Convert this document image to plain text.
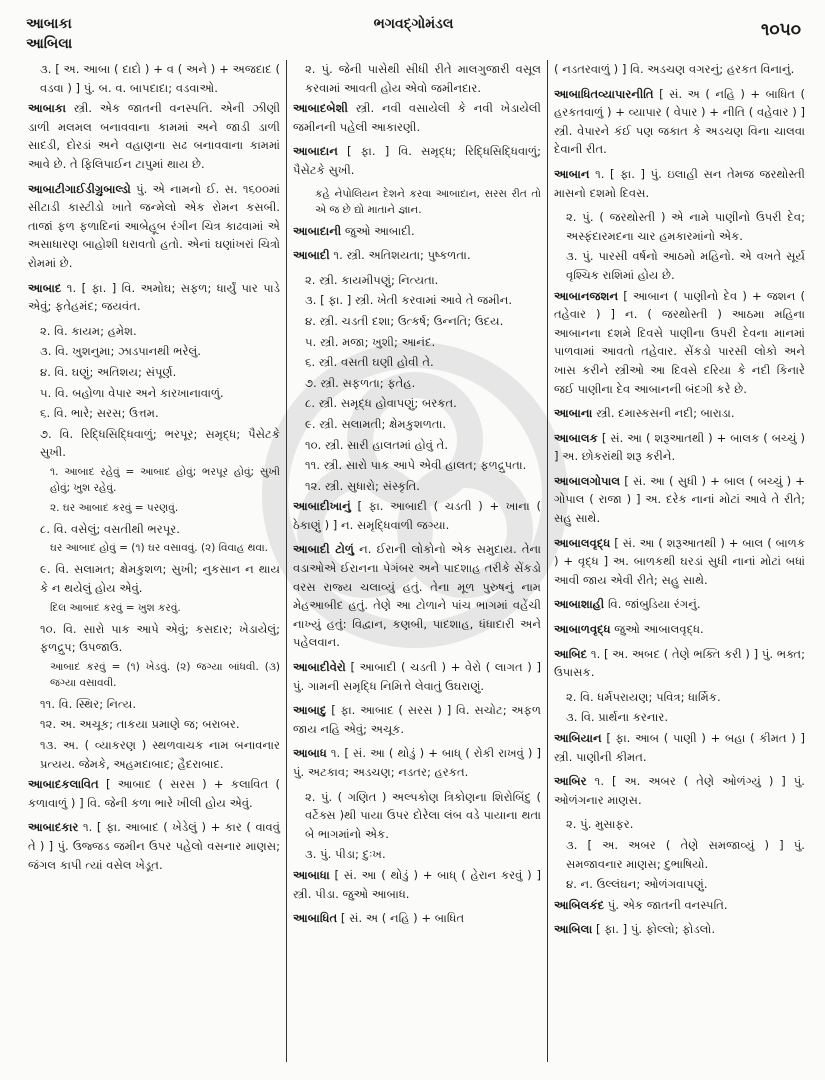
આબાકા
આબિલા
ભગવદ્ગોમંડલ	૧૦૫૦

૩. [ અ. આબા ( દાદો ) + વ ( અને ) + અજદાદ ( વડવા ) ] પું. બ. વ. બાપદાદા; વડવાઓ.

આબાકા સ્ત્રી. એક જાતની વનસ્પતિ. એની ઝીણી ડાળી મલમલ બનાવવાના કામમાં અને જાડી ડાળી સાદડી, દોરડાં અને વહાણના સઢ બનાવવાના કામમાં આવે છે. તે ફિલિપાઈન ટાપુમાં થાય છે.

આબાટીગાઈડીગ્રુબાલ્ડો પું. એ નામનો ઈ. સ. ૧૬૦૦માં સીટાડી કાસ્ટીડો ખાતે જન્મેલો એક રોમન કસબી. તાજાં ફળ ફળાદિનાં આબેહૂબ રંગીન ચિત્ર કાઢવામાં એ અસાધારણ બાહોશી ધરાવતો હતો. એનાં ઘણાંખરાં ચિત્રો રોમમાં છે.

આબાદ ૧. [ ફા. ] વિ. અમોઘ; સફળ; ધાર્યું પાર પાડે એવું; ફતેહમંદ; જયવંત.

૨. વિ. કાયમ; હમેશ.

૩. વિ. ખુશનુમા; ઝાડપાનથી ભરેલું.

૪. વિ. ઘણું; અતિશય; સંપૂર્ણ.

૫. વિ. બહોળા વેપાર અને કારખાનાવાળું.

૬. વિ. ભારે; સરસ; ઉત્તમ.

૭. વિ. રિદ્ધિસિદ્ધિવાળું; ભરપૂર; સમૃદ્ધ; પૈસેટકે સુખી.

૧. આબાદ રહેવું = આબાદ હોવું; ભરપૂર હોવું; સુખી હોવું; ખુશ રહેવું.

૨. ઘર આબાદ કરવું = પરણવું.

૮. વિ. વસેલું; વસતીથી ભરપૂર.

ઘર આબાદ હોવું = (૧) ઘર વસાવવું. (૨) વિવાહ થવા.

૯. વિ. સલામત; ક્ષેમકુશળ; સુખી; નુકસાન ન થાય કે ન થયેલું હોય એવું.

દિલ આબાદ કરવું = ખુશ કરવું.

૧૦. વિ. સારો પાક આપે એવું; કસદાર; ખેડાયેલું; ફળદ્રુપ; ઉપજાઉ.

આબાદ કરવું = (૧) ખેડવું. (૨) જગ્યા બાંધવી. (૩) જગ્યા વસાવવી.

૧૧. વિ. સ્થિર; નિત્ય.

૧૨. અ. અચૂક; તાકયા પ્રમાણે જ; બરાબર.

૧૩. અ. ( વ્યાકરણ ) સ્થળવાચક નામ બનાવનાર પ્રત્યય. જેમકે, અહમદાબાદ; હૈદરાબાદ.

આબાદકલાવિત [ આબાદ ( સરસ ) + કલાવિત ( કળાવાળું ) ] વિ. જેની કળા ભારે ખીલી હોય એવું.

આબાદકાર ૧. [ ફા. આબાદ ( ખેડેલું ) + કાર ( વાવવું તે ) ] પું. ઉજ્જડ જમીન ઉપર પહેલો વસનાર માણસ; જંગલ કાપી ત્યાં વસેલ ખેડૂત.

૨. પું. જેની પાસેથી સીધી રીતે માલગુજારી વસૂલ કરવામાં આવતી હોય એવો જમીનદાર.

આબાદબેશી સ્ત્રી. નવી વસાયેલી કે નવી ખેડાયેલી જમીનની પહેલી આકારણી.

આબાદાન [ ફા. ] વિ. સમૃદ્ધ; રિદ્ધિસિદ્ધિવાળું; પૈસેટકે સુખી.

કહે નેપોલિયન દેશને કરવા આબાદાન, સરસ રીત તો એ જ છે દ્યો માતાને જ્ઞાન.

આબાદાની જુઓ આબાદી.

આબાદી ૧. સ્ત્રી. અતિશયતા; પુષ્કળતા.

૨. સ્ત્રી. કાયમીપણું; નિત્યતા.

૩. [ ફા. ] સ્ત્રી. ખેતી કરવામાં આવે તે જમીન.

૪. સ્ત્રી. ચડતી દશા; ઉત્કર્ષ; ઉન્નતિ; ઉદય.

૫. સ્ત્રી. મજા; ખુશી; આનંદ.

૬. સ્ત્રી. વસતી ઘણી હોવી તે.

૭. સ્ત્રી. સફળતા; ફતેહ.

૮. સ્ત્રી. સમૃદ્ધ હોવાપણું; બરકત.

૯. સ્ત્રી. સલામતી; ક્ષેમકુશળતા.

૧૦. સ્ત્રી. સારી હાલતમાં હોવું તે.

૧૧. સ્ત્રી. સારો પાક આપે એવી હાલત; ફળદ્રુપતા.

૧૨. સ્ત્રી. સુધારો; સંસ્કૃતિ.

આબાદીખાનું [ ફા. આબાદી ( ચડતી ) + ખાના ( ઠેકાણું ) ] ન. સમૃદ્ધિવાળી જગ્યા.

આબાદી ટોળું ન. ઈરાની લોકોનો એક સમુદાય. તેના વડાઓએ ઈરાનના પેગંબર અને પાદશાહ તરીકે સેંકડો વરસ રાજ્ય ચલાવ્યું હતું. તેના મૂળ પુરુષનું નામ મેહઆબીદ હતું. તેણે આ ટોળાને પાંચ ભાગમાં વહેંચી નાખ્યું હતું: વિદ્વાન, કણબી, પાદશાહ, ધંધાદારી અને પહેલવાન.

આબાદીવેરો [ આબાદી ( ચડતી ) + વેરો ( લાગત ) ] પું. ગામની સમૃદ્ધિ નિમિત્તે લેવાતું ઉઘરાણું.

આબાદુ [ ફા. આબાદ ( સરસ ) ] વિ. સચોટ; અફળ જાય નહિ એવું; અચૂક.

આબાધ ૧. [ સં. આ ( થોડું ) + બાધ્ ( રોકી રાખવું ) ] પું. અટકાવ; અડચણ; નડતર; હરકત.

૨. પું. ( ગણિત ) અલ્પકોણ ત્રિકોણના શિરોબિંદુ ( વર્ટેક્સ )થી પાયા ઉપર દોરેલા લંબ વડે પાયાના થતા બે ભાગમાંનો એક.

૩. પું. પીડા; દુઃખ.

આબાધા [ સં. આ ( થોડું ) + બાધ્ ( હેરાન કરવું ) ] સ્ત્રી. પીડા. જુઓ આબાધ.

આબાધિત [ સં. અ ( નહિ ) + બાધિત

( નડતરવાળું ) ] વિ. અડચણ વગરનું; હરકત વિનાનું.

આબાધિતવ્યાપારનીતિ [ સં. અ ( નહિ ) + બાધિત ( હરકતવાળું ) + વ્યાપાર ( વેપાર ) + નીતિ ( વહેવાર ) ] સ્ત્રી. વેપારને કંઈ પણ જકાત કે અડચણ વિના ચાલવા દેવાની રીત.

આબાન ૧. [ ફા. ] પું. ઇલાહી સન તેમજ જરથોસ્તી માસનો દશમો દિવસ.

૨. પું. ( જરથોસ્તી ) એ નામે પાણીનો ઉપરી દેવ; અસ્ફંદારમદના ચાર હમકારમાંનો એક.

૩. પું. પારસી વર્ષનો આઠમો મહિનો. એ વખતે સૂર્ય વૃશ્ચિક રાશિમાં હોય છે.

આબાનજશન [ આબાન ( પાણીનો દેવ ) + જશન ( તહેવાર ) ] ન. ( જરથોસ્તી ) આઠમા મહિના આબાનના દશમે દિવસે પાણીના ઉપરી દેવના માનમાં પાળવામાં આવતો તહેવાર. સેંકડો પારસી લોકો અને ખાસ કરીને સ્ત્રીઓ આ દિવસે દરિયા કે નદી કિનારે જઈ પાણીના દેવ આબાનની બંદગી કરે છે.

આબાના સ્ત્રી. દમાસ્કસની નદી; બારાડા.

આબાલક [ સં. આ ( શરૂઆતથી ) + બાલક ( બચ્ચું ) ] અ. છોકરાંથી શરૂ કરીને.

આબાલગોપાલ [ સં. આ ( સુધી ) + બાલ ( બચ્ચું ) + ગોપાલ ( રાજા ) ] અ. દરેક નાનાં મોટાં આવે તે રીતે; સહુ સાથે.

આબાલવૃદ્ધ [ સં. આ ( શરૂઆતથી ) + બાલ ( બાળક ) + વૃદ્ધ ] અ. બાળકથી ઘરડાં સુધી નાનાં મોટાં બધાં આવી જાય એવી રીતે; સહુ સાથે.

આબાશાહી વિ. જાંબુડિયા રંગનું.

આબાળવૃદ્ધ જુઓ આબાલવૃદ્ધ.

આબિદ ૧. [ અ. અબદ ( તેણે ભક્તિ કરી ) ] પું. ભક્ત; ઉપાસક.

૨. વિ. ધર્મપરાયણ; પવિત્ર; ધાર્મિક.

૩. વિ. પ્રાર્થના કરનાર.

આબિયાન [ ફા. આબ ( પાણી ) + બહા ( કીમત ) ] સ્ત્રી. પાણીની કીમત.

આબિર ૧. [ અ. અબર ( તેણે ઓળંગ્યું ) ] પું. ઓળંગનાર માણસ.

૨. પું. મુસાફર.

૩. [ અ. અબર ( તેણે સમજાવ્યું ) ] પું. સમજાવનાર માણસ; દુભાષિયો.

૪. ન. ઉલ્લંઘન; ઓળંગવાપણું.

આબિલકંદ પું. એક જાતની વનસ્પતિ.

આબિલા [ ફા. ] પું. ફોલ્લો; ફોડલો.
